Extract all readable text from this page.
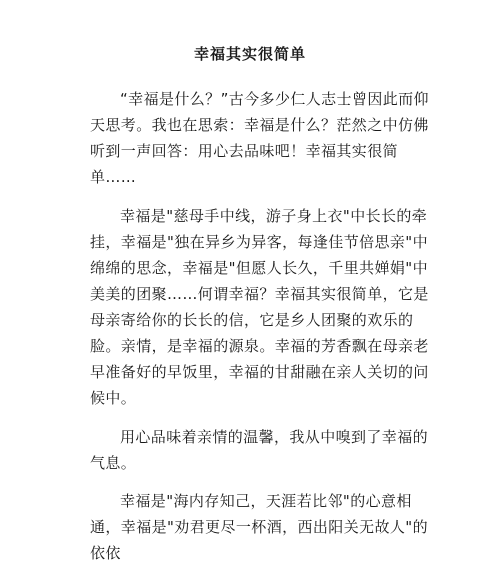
幸福其实很简单

“幸福是什么？”古今多少仁人志士曾因此而仰天思考。我也在思索：幸福是什么？茫然之中仿佛听到一声回答：用心去品味吧！幸福其实很简单……

幸福是"慈母手中线，游子身上衣"中长长的牵挂，幸福是"独在异乡为异客，每逢佳节倍思亲"中绵绵的思念，幸福是"但愿人长久，千里共婵娟"中美美的团聚……何谓幸福？幸福其实很简单，它是母亲寄给你的长长的信，它是乡人团聚的欢乐的脸。亲情，是幸福的源泉。幸福的芳香飘在母亲老早准备好的早饭里，幸福的甘甜融在亲人关切的问候中。

用心品味着亲情的温馨，我从中嗅到了幸福的气息。

幸福是"海内存知己，天涯若比邻"的心意相通，幸福是"劝君更尽一杯酒，西出阳关无故人"的依依
